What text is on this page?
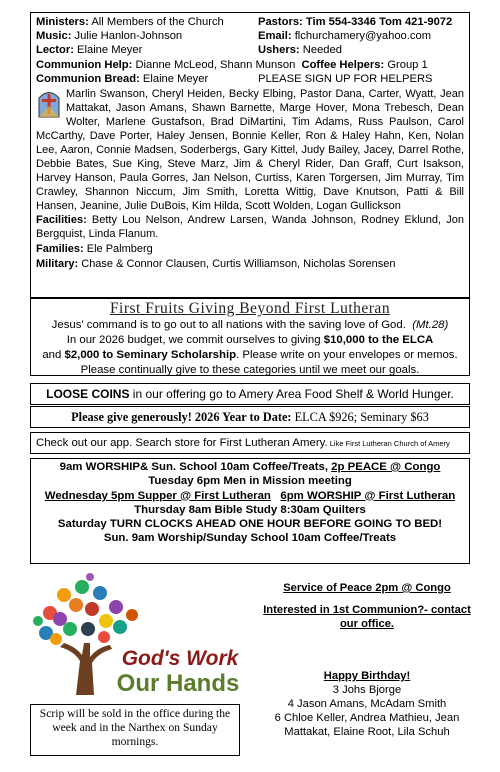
Ministers: All Members of the Church	Pastors: Tim 554-3346 Tom 421-9072
Music: Julie Hanlon-Johnson	Email: flchurchamery@yahoo.com
Lector: Elaine Meyer	Ushers: Needed
Communion Help: Dianne McLeod, Shann Munson Coffee Helpers: Group 1
Communion Bread: Elaine Meyer	PLEASE SIGN UP FOR HELPERS
Marlin Swanson, Cheryl Heiden, Becky Elbing, Pastor Dana, Carter, Wyatt, Jean Mattakat, Jason Amans, Shawn Barnette, Marge Hover, Mona Trebesch, Dean Wolter, Marlene Gustafson, Brad DiMartini, Tim Adams, Russ Paulson, Carol McCarthy, Dave Porter, Haley Jensen, Bonnie Keller, Ron & Haley Hahn, Ken, Nolan Lee, Aaron, Connie Madsen, Soderbergs, Gary Kittel, Judy Bailey, Jacey, Darrel Rothe, Debbie Bates, Sue King, Steve Marz, Jim & Cheryl Rider, Dan Graff, Curt Isakson, Harvey Hanson, Paula Gorres, Jan Nelson, Curtiss, Karen Torgersen, Jim Murray, Tim Crawley, Shannon Niccum, Jim Smith, Loretta Wittig, Dave Knutson, Patti & Bill Hansen, Jeanine, Julie DuBois, Kim Hilda, Scott Wolden, Logan Gullickson
Facilities: Betty Lou Nelson, Andrew Larsen, Wanda Johnson, Rodney Eklund, Jon Bergquist, Linda Flanum.
Families: Ele Palmberg
Military: Chase & Connor Clausen, Curtis Williamson, Nicholas Sorensen
First Fruits Giving Beyond First Lutheran
Jesus' command is to go out to all nations with the saving love of God. (Mt.28)
In our 2026 budget, we commit ourselves to giving $10,000 to the ELCA
and $2,000 to Seminary Scholarship. Please write on your envelopes or memos.
Please continually give to these categories until we meet our goals.
LOOSE COINS in our offering go to Amery Area Food Shelf & World Hunger.
Please give generously! 2026 Year to Date: ELCA $926; Seminary $63
Check out our app. Search store for First Lutheran Amery. Like First Lutheran Church of Amery
9am WORSHIP& Sun. School 10am Coffee/Treats, 2p PEACE @ Congo
Tuesday 6pm Men in Mission meeting
Wednesday 5pm Supper @ First Lutheran 6pm WORSHIP @ First Lutheran
Thursday 8am Bible Study 8:30am Quilters
Saturday TURN CLOCKS AHEAD ONE HOUR BEFORE GOING TO BED!
Sun. 9am Worship/Sunday School 10am Coffee/Treats
God's Work
Our Hands
Scrip will be sold in the office during the week and in the Narthex on Sunday mornings.
Service of Peace 2pm @ Congo
Interested in 1st Communion?- contact our office.
Happy Birthday!
3 Johs Bjorge
4 Jason Amans, McAdam Smith
6 Chloe Keller, Andrea Mathieu, Jean Mattakat, Elaine Root, Lila Schuh
